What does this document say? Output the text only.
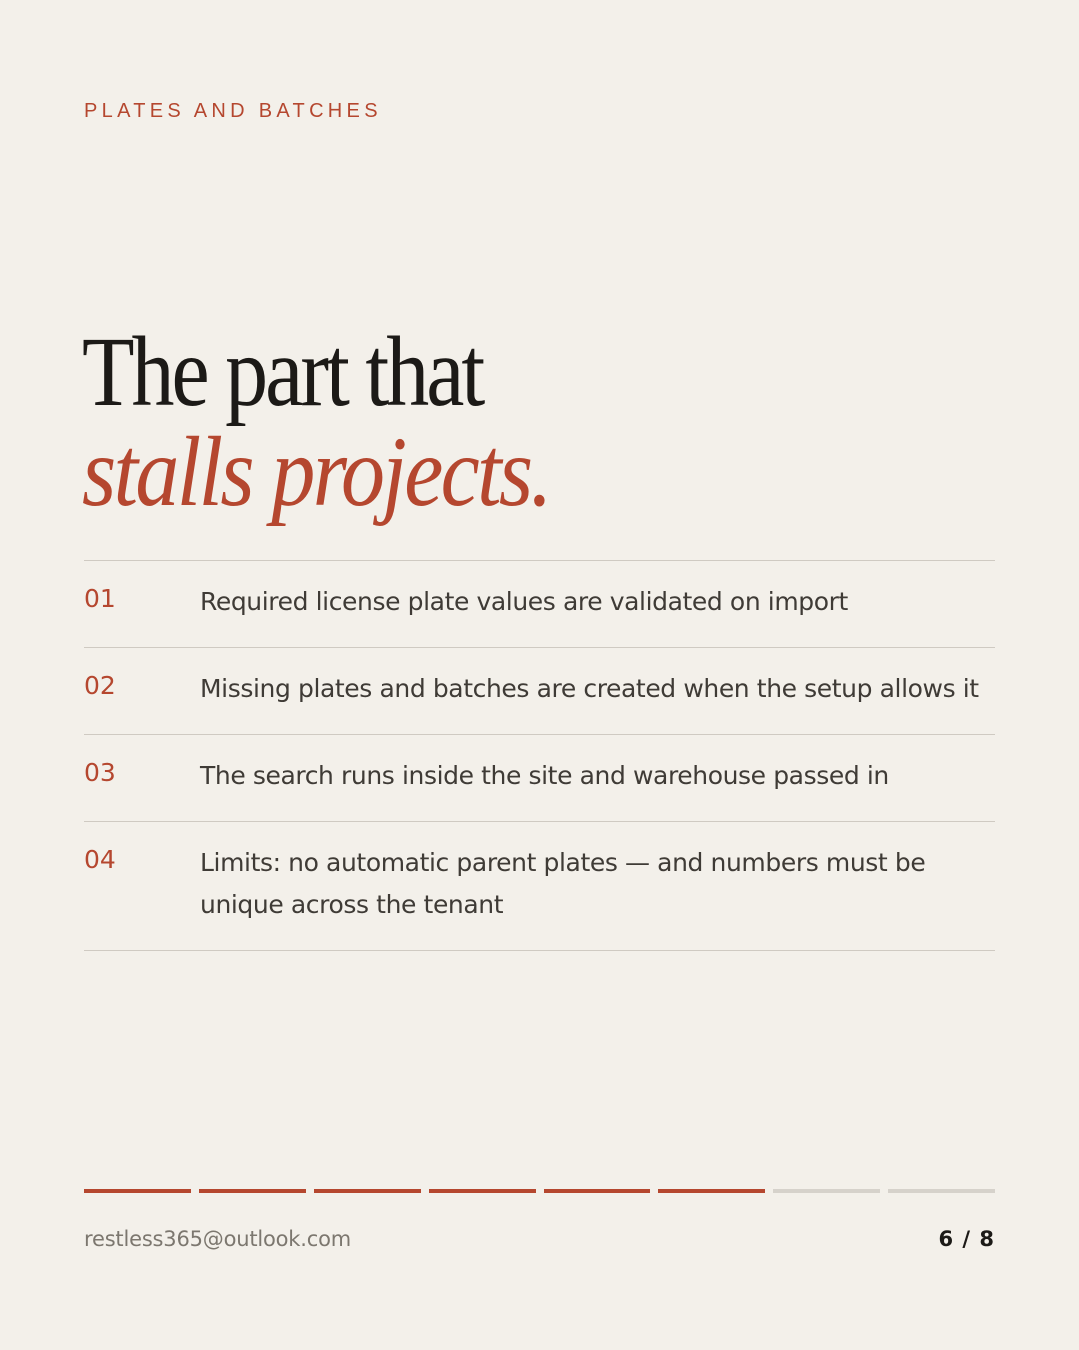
PLATES AND BATCHES
The part that
stalls projects.
01	Required license plate values are validated on import
02	Missing plates and batches are created when the setup allows it
03	The search runs inside the site and warehouse passed in
04	Limits: no automatic parent plates — and numbers must be unique across the tenant
restless365@outlook.com	6 / 8
